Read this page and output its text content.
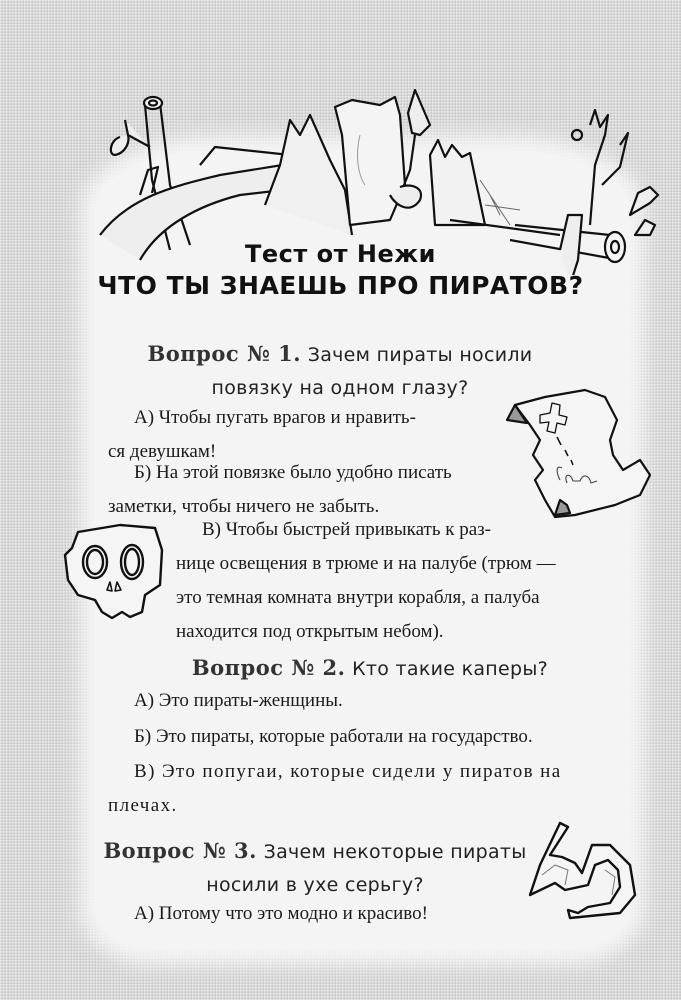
Тест от Нежи
ЧТО ТЫ ЗНАЕШЬ ПРО ПИРАТОВ?
Вопрос № 1. Зачем пираты носили
повязку на одном глазу?
А) Чтобы пугать врагов и нравить-
ся девушкам!
Б) На этой повязке было удобно писать
заметки, чтобы ничего не забыть.
В) Чтобы быстрей привыкать к раз-
нице освещения в трюме и на палубе (трюм —
это темная комната внутри корабля, а палуба
находится под открытым небом).
Вопрос № 2. Кто такие каперы?
А) Это пираты-женщины.
Б) Это пираты, которые работали на государство.
В) Это попугаи, которые сидели у пиратов на
плечах.
Вопрос № 3. Зачем некоторые пираты
носили в ухе серьгу?
А) Потому что это модно и красиво!
